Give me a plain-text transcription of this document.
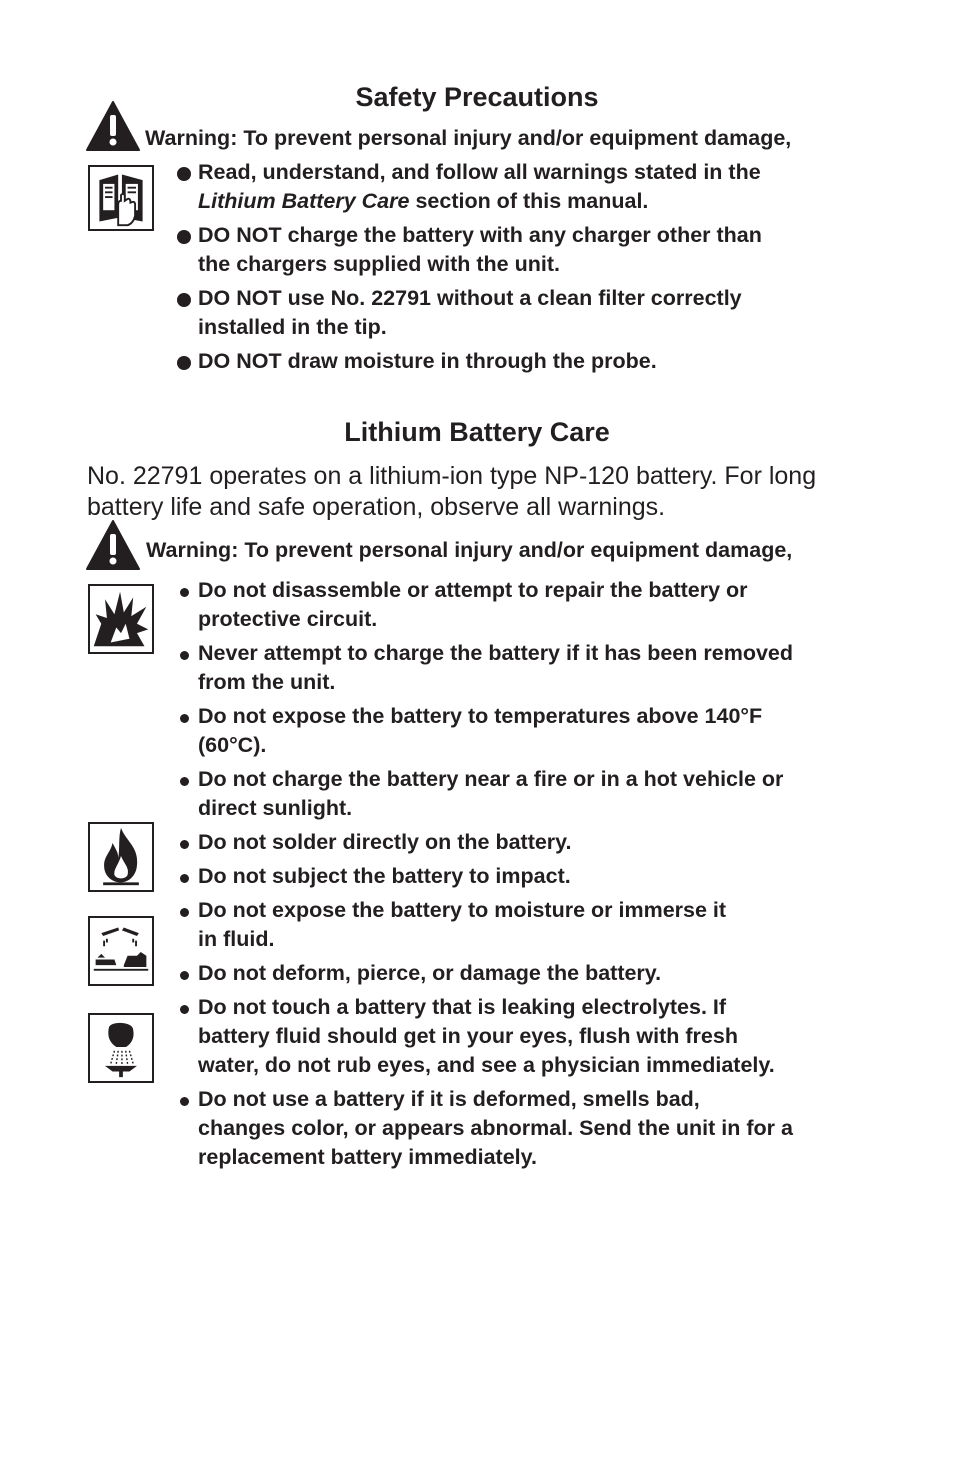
Safety Precautions
Warning: To prevent personal injury and/or equipment damage,
Read, understand, and follow all warnings stated in the
Lithium Battery Care section of this manual.
DO NOT charge the battery with any charger other than
the chargers supplied with the unit.
DO NOT use No. 22791 without a clean filter correctly
installed in the tip.
DO NOT draw moisture in through the probe.
Lithium Battery Care
No. 22791 operates on a lithium-ion type NP-120 battery. For long
battery life and safe operation, observe all warnings.
Warning: To prevent personal injury and/or equipment damage,
Do not disassemble or attempt to repair the battery or
protective circuit.
Never attempt to charge the battery if it has been removed
from the unit.
Do not expose the battery to temperatures above 140°F
(60°C).
Do not charge the battery near a fire or in a hot vehicle or
direct sunlight.
Do not solder directly on the battery.
Do not subject the battery to impact.
Do not expose the battery to moisture or immerse it
in fluid.
Do not deform, pierce, or damage the battery.
Do not touch a battery that is leaking electrolytes. If
battery fluid should get in your eyes, flush with fresh
water, do not rub eyes, and see a physician immediately.
Do not use a battery if it is deformed, smells bad,
changes color, or appears abnormal. Send the unit in for a
replacement battery immediately.
